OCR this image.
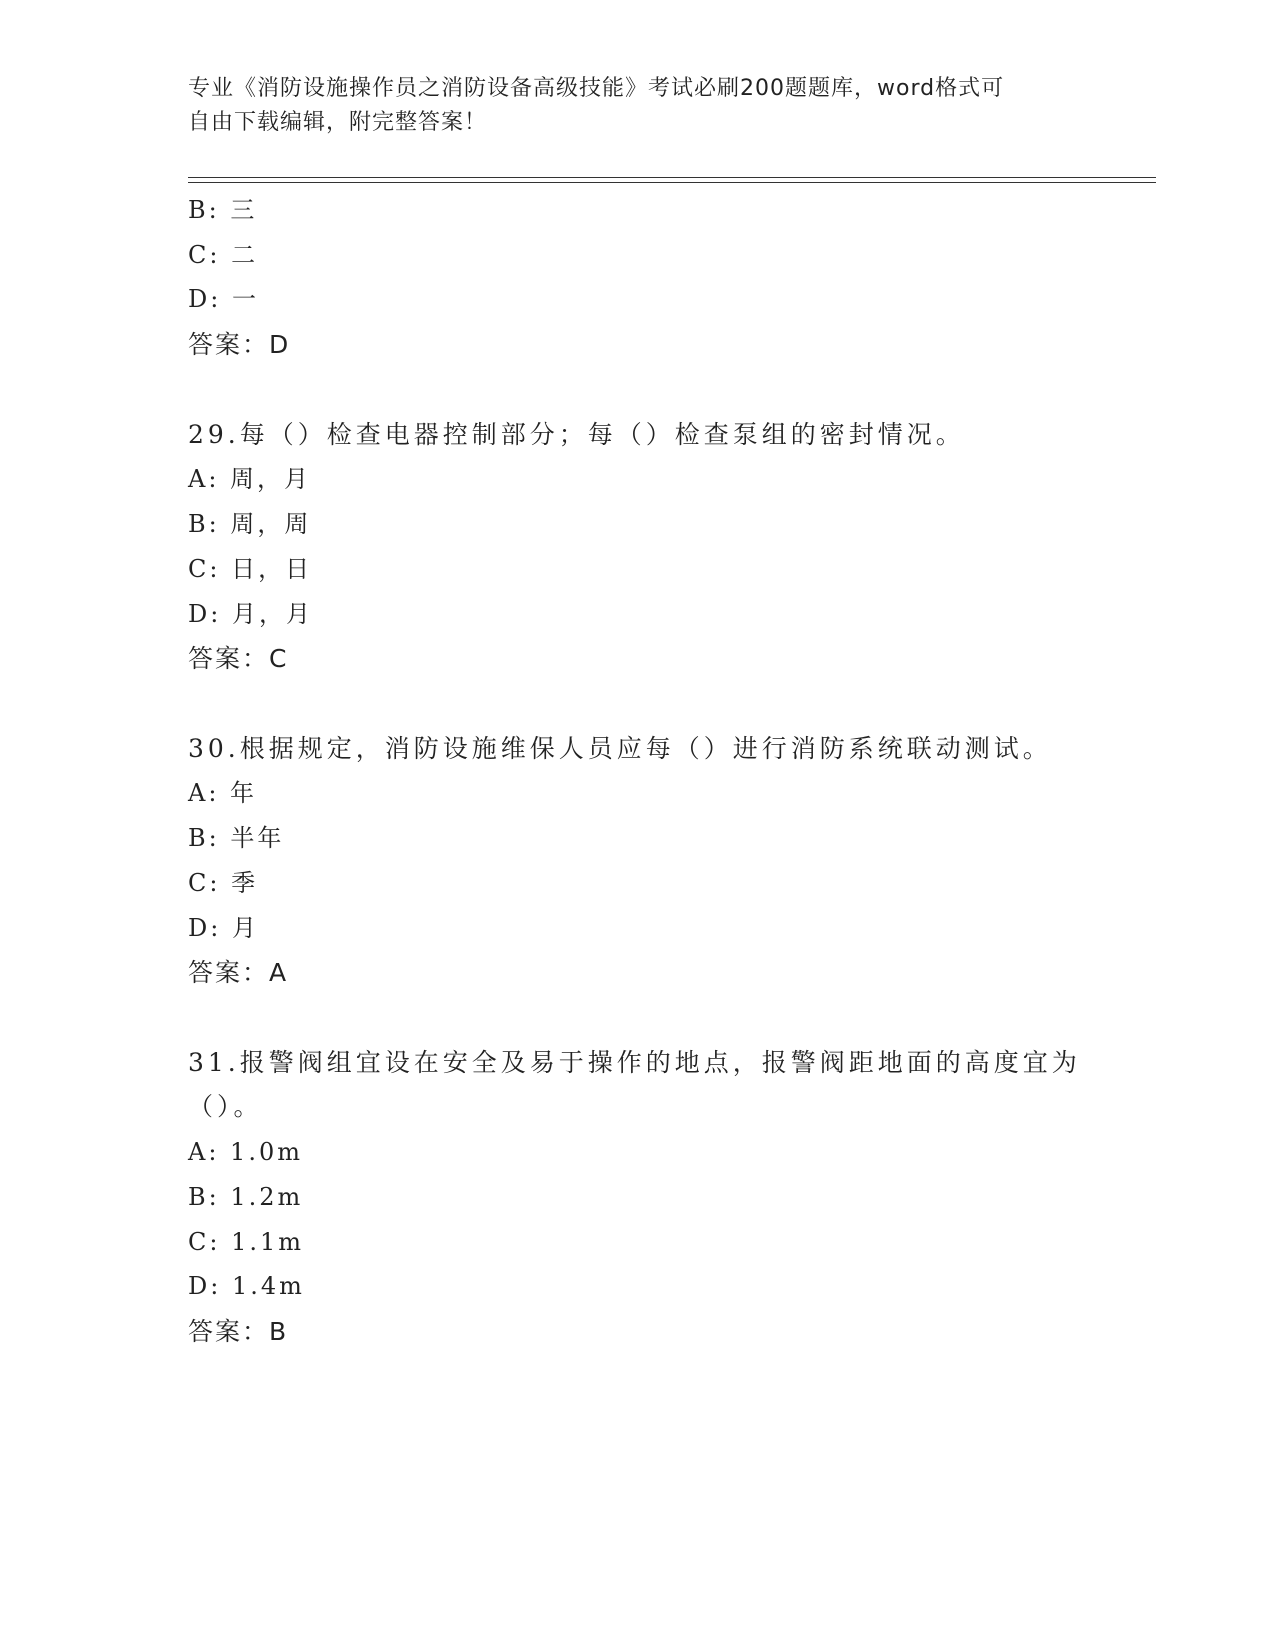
专业《消防设施操作员之消防设备高级技能》考试必刷200题题库，word格式可
自由下载编辑，附完整答案！
B: 三
C: 二
D: 一
答案：D
29.每（）检查电器控制部分；每（）检查泵组的密封情况。
A: 周，月
B: 周，周
C: 日，日
D: 月，月
答案：C
30.根据规定，消防设施维保人员应每（）进行消防系统联动测试。
A: 年
B: 半年
C: 季
D: 月
答案：A
31.报警阀组宜设在安全及易于操作的地点，报警阀距地面的高度宜为
（）。
A: 1.0m
B: 1.2m
C: 1.1m
D: 1.4m
答案：B
